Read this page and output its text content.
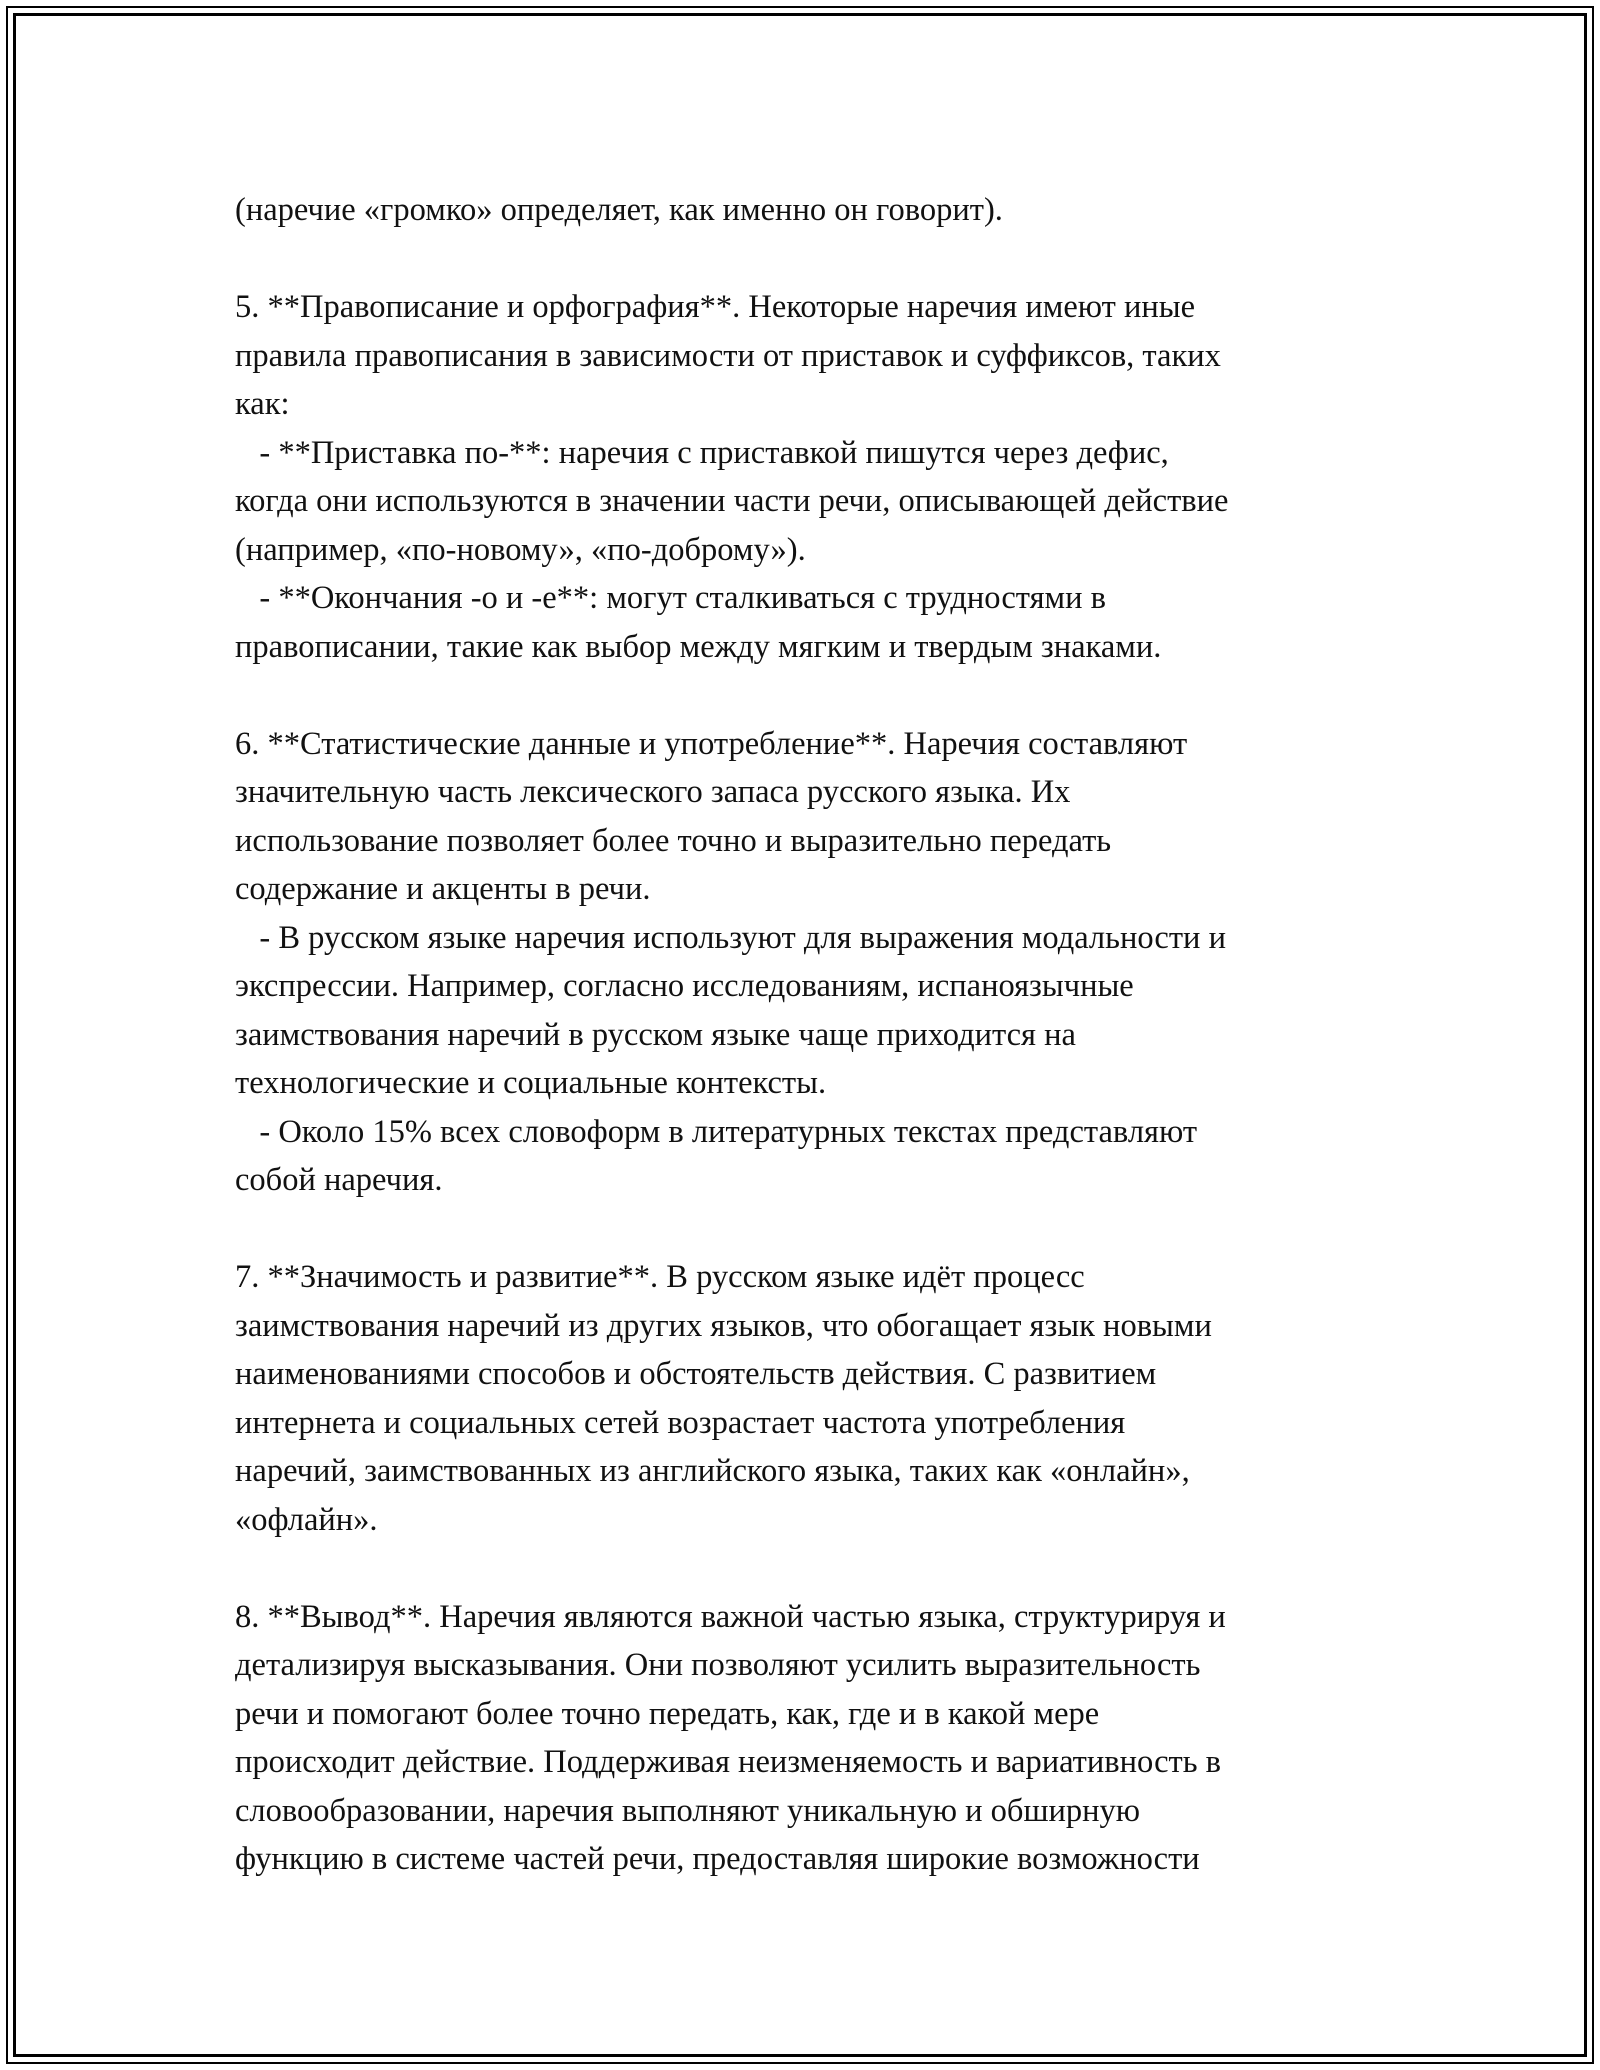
(наречие «громко» определяет, как именно он говорит).
5. **Правописание и орфография**. Некоторые наречия имеют иные
правила правописания в зависимости от приставок и суффиксов, таких
как:
- **Приставка по-**: наречия с приставкой пишутся через дефис,
когда они используются в значении части речи, описывающей действие
(например, «по-новому», «по-доброму»).
- **Окончания -о и -е**: могут сталкиваться с трудностями в
правописании, такие как выбор между мягким и твердым знаками.
6. **Статистические данные и употребление**. Наречия составляют
значительную часть лексического запаса русского языка. Их
использование позволяет более точно и выразительно передать
содержание и акценты в речи.
- В русском языке наречия используют для выражения модальности и
экспрессии. Например, согласно исследованиям, испаноязычные
заимствования наречий в русском языке чаще приходится на
технологические и социальные контексты.
- Около 15% всех словоформ в литературных текстах представляют
собой наречия.
7. **Значимость и развитие**. В русском языке идёт процесс
заимствования наречий из других языков, что обогащает язык новыми
наименованиями способов и обстоятельств действия. С развитием
интернета и социальных сетей возрастает частота употребления
наречий, заимствованных из английского языка, таких как «онлайн»,
«офлайн».
8. **Вывод**. Наречия являются важной частью языка, структурируя и
детализируя высказывания. Они позволяют усилить выразительность
речи и помогают более точно передать, как, где и в какой мере
происходит действие. Поддерживая неизменяемость и вариативность в
словообразовании, наречия выполняют уникальную и обширную
функцию в системе частей речи, предоставляя широкие возможности
